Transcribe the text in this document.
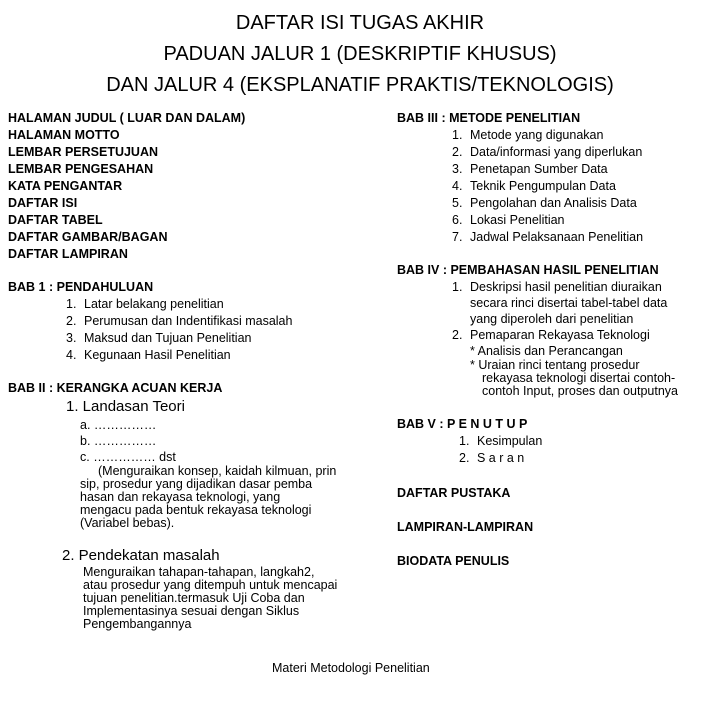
DAFTAR ISI TUGAS AKHIR
PADUAN JALUR 1 (DESKRIPTIF KHUSUS)
DAN JALUR 4 (EKSPLANATIF PRAKTIS/TEKNOLOGIS)
HALAMAN JUDUL ( LUAR DAN DALAM)
HALAMAN MOTTO
LEMBAR PERSETUJUAN
LEMBAR PENGESAHAN
KATA PENGANTAR
DAFTAR ISI
DAFTAR TABEL
DAFTAR GAMBAR/BAGAN
DAFTAR LAMPIRAN
BAB 1 : PENDAHULUAN
1. Latar belakang penelitian
2. Perumusan dan Indentifikasi masalah
3. Maksud dan Tujuan Penelitian
4. Kegunaan Hasil Penelitian
BAB II : KERANGKA ACUAN KERJA
1. Landasan Teori
a. ……………
b. ……………
c. …………… dst
(Menguraikan konsep, kaidah kilmuan, prin
sip, prosedur yang dijadikan dasar pemba
hasan dan rekayasa teknologi, yang
mengacu pada bentuk rekayasa teknologi
(Variabel bebas).
2. Pendekatan masalah
Menguraikan tahapan-tahapan, langkah2,
atau prosedur yang ditempuh untuk mencapai
tujuan penelitian.termasuk Uji Coba dan
Implementasinya sesuai dengan Siklus
Pengembangannya
BAB III : METODE PENELITIAN
1. Metode yang digunakan
2. Data/informasi yang diperlukan
3. Penetapan Sumber Data
4. Teknik Pengumpulan Data
5. Pengolahan dan Analisis Data
6. Lokasi Penelitian
7. Jadwal Pelaksanaan Penelitian
BAB IV : PEMBAHASAN HASIL PENELITIAN
1. Deskripsi hasil penelitian diuraikan
secara rinci disertai tabel-tabel data
yang diperoleh dari penelitian
2. Pemaparan Rekayasa Teknologi
* Analisis dan Perancangan
* Uraian rinci tentang prosedur
rekayasa teknologi disertai contoh-
contoh Input, proses dan outputnya
BAB V : P E N U T U P
1. Kesimpulan
2. S a r a n
DAFTAR PUSTAKA
LAMPIRAN-LAMPIRAN
BIODATA PENULIS
Materi Metodologi Penelitian
